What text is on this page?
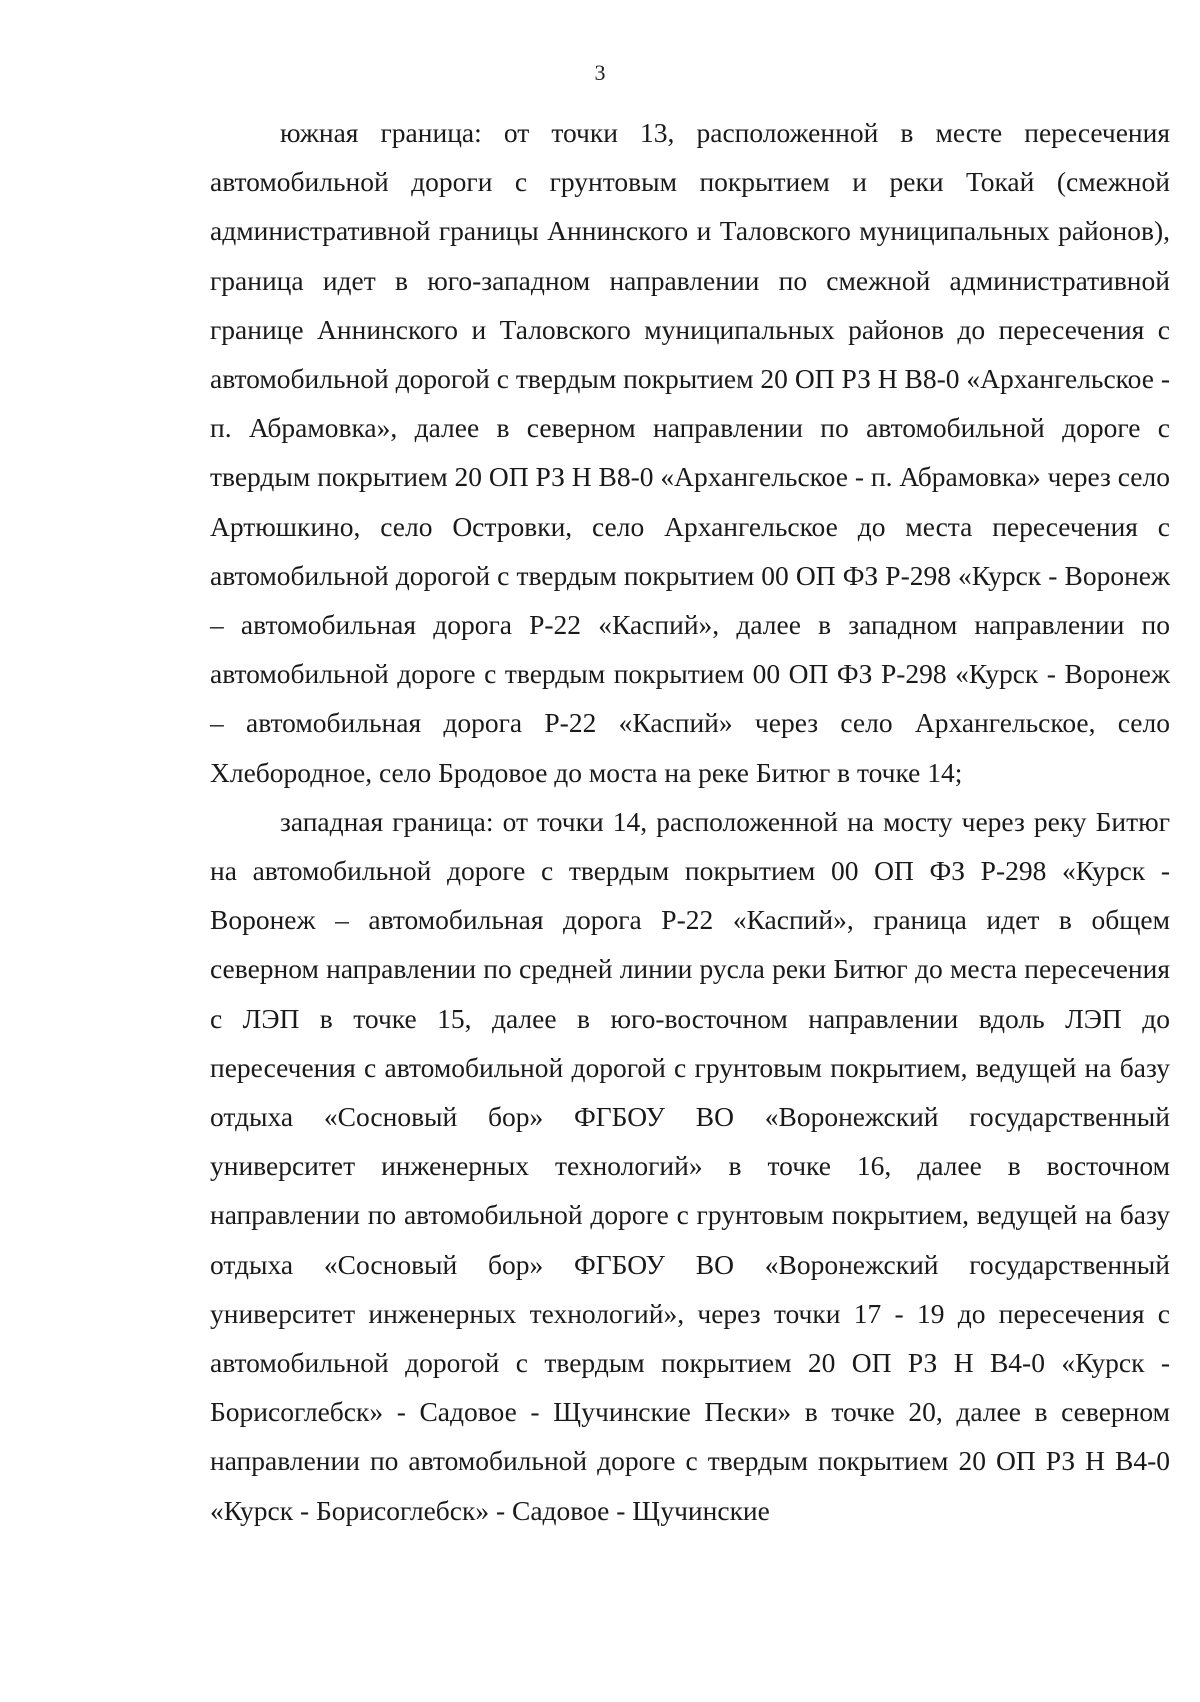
3

южная граница: от точки 13, расположенной в месте пересечения автомобильной дороги с грунтовым покрытием и реки Токай (смежной административной границы Аннинского и Таловского муниципальных районов), граница идет в юго-западном направлении по смежной административной границе Аннинского и Таловского муниципальных районов до пересечения с автомобильной дорогой с твердым покрытием 20 ОП РЗ Н В8-0 «Архангельское - п. Абрамовка», далее в северном направлении по автомобильной дороге с твердым покрытием 20 ОП РЗ Н В8-0 «Архангельское - п. Абрамовка» через село Артюшкино, село Островки, село Архангельское до места пересечения с автомобильной дорогой с твердым покрытием 00 ОП ФЗ Р-298 «Курск - Воронеж – автомобильная дорога Р-22 «Каспий», далее в западном направлении по автомобильной дороге с твердым покрытием 00 ОП ФЗ Р-298 «Курск - Воронеж – автомобильная дорога Р-22 «Каспий» через село Архангельское, село Хлебородное, село Бродовое до моста на реке Битюг в точке 14;

западная граница: от точки 14, расположенной на мосту через реку Битюг на автомобильной дороге с твердым покрытием 00 ОП ФЗ Р-298 «Курск - Воронеж – автомобильная дорога Р-22 «Каспий», граница идет в общем северном направлении по средней линии русла реки Битюг до места пересечения с ЛЭП в точке 15, далее в юго-восточном направлении вдоль ЛЭП до пересечения с автомобильной дорогой с грунтовым покрытием, ведущей на базу отдыха «Сосновый бор» ФГБОУ ВО «Воронежский государственный университет инженерных технологий» в точке 16, далее в восточном направлении по автомобильной дороге с грунтовым покрытием, ведущей на базу отдыха «Сосновый бор» ФГБОУ ВО «Воронежский государственный университет инженерных технологий», через точки 17 - 19 до пересечения с автомобильной дорогой с твердым покрытием 20 ОП РЗ Н В4-0 «Курск - Борисоглебск» - Садовое - Щучинские Пески» в точке 20, далее в северном направлении по автомобильной дороге с твердым покрытием 20 ОП РЗ Н В4-0 «Курск - Борисоглебск» - Садовое - Щучинские
